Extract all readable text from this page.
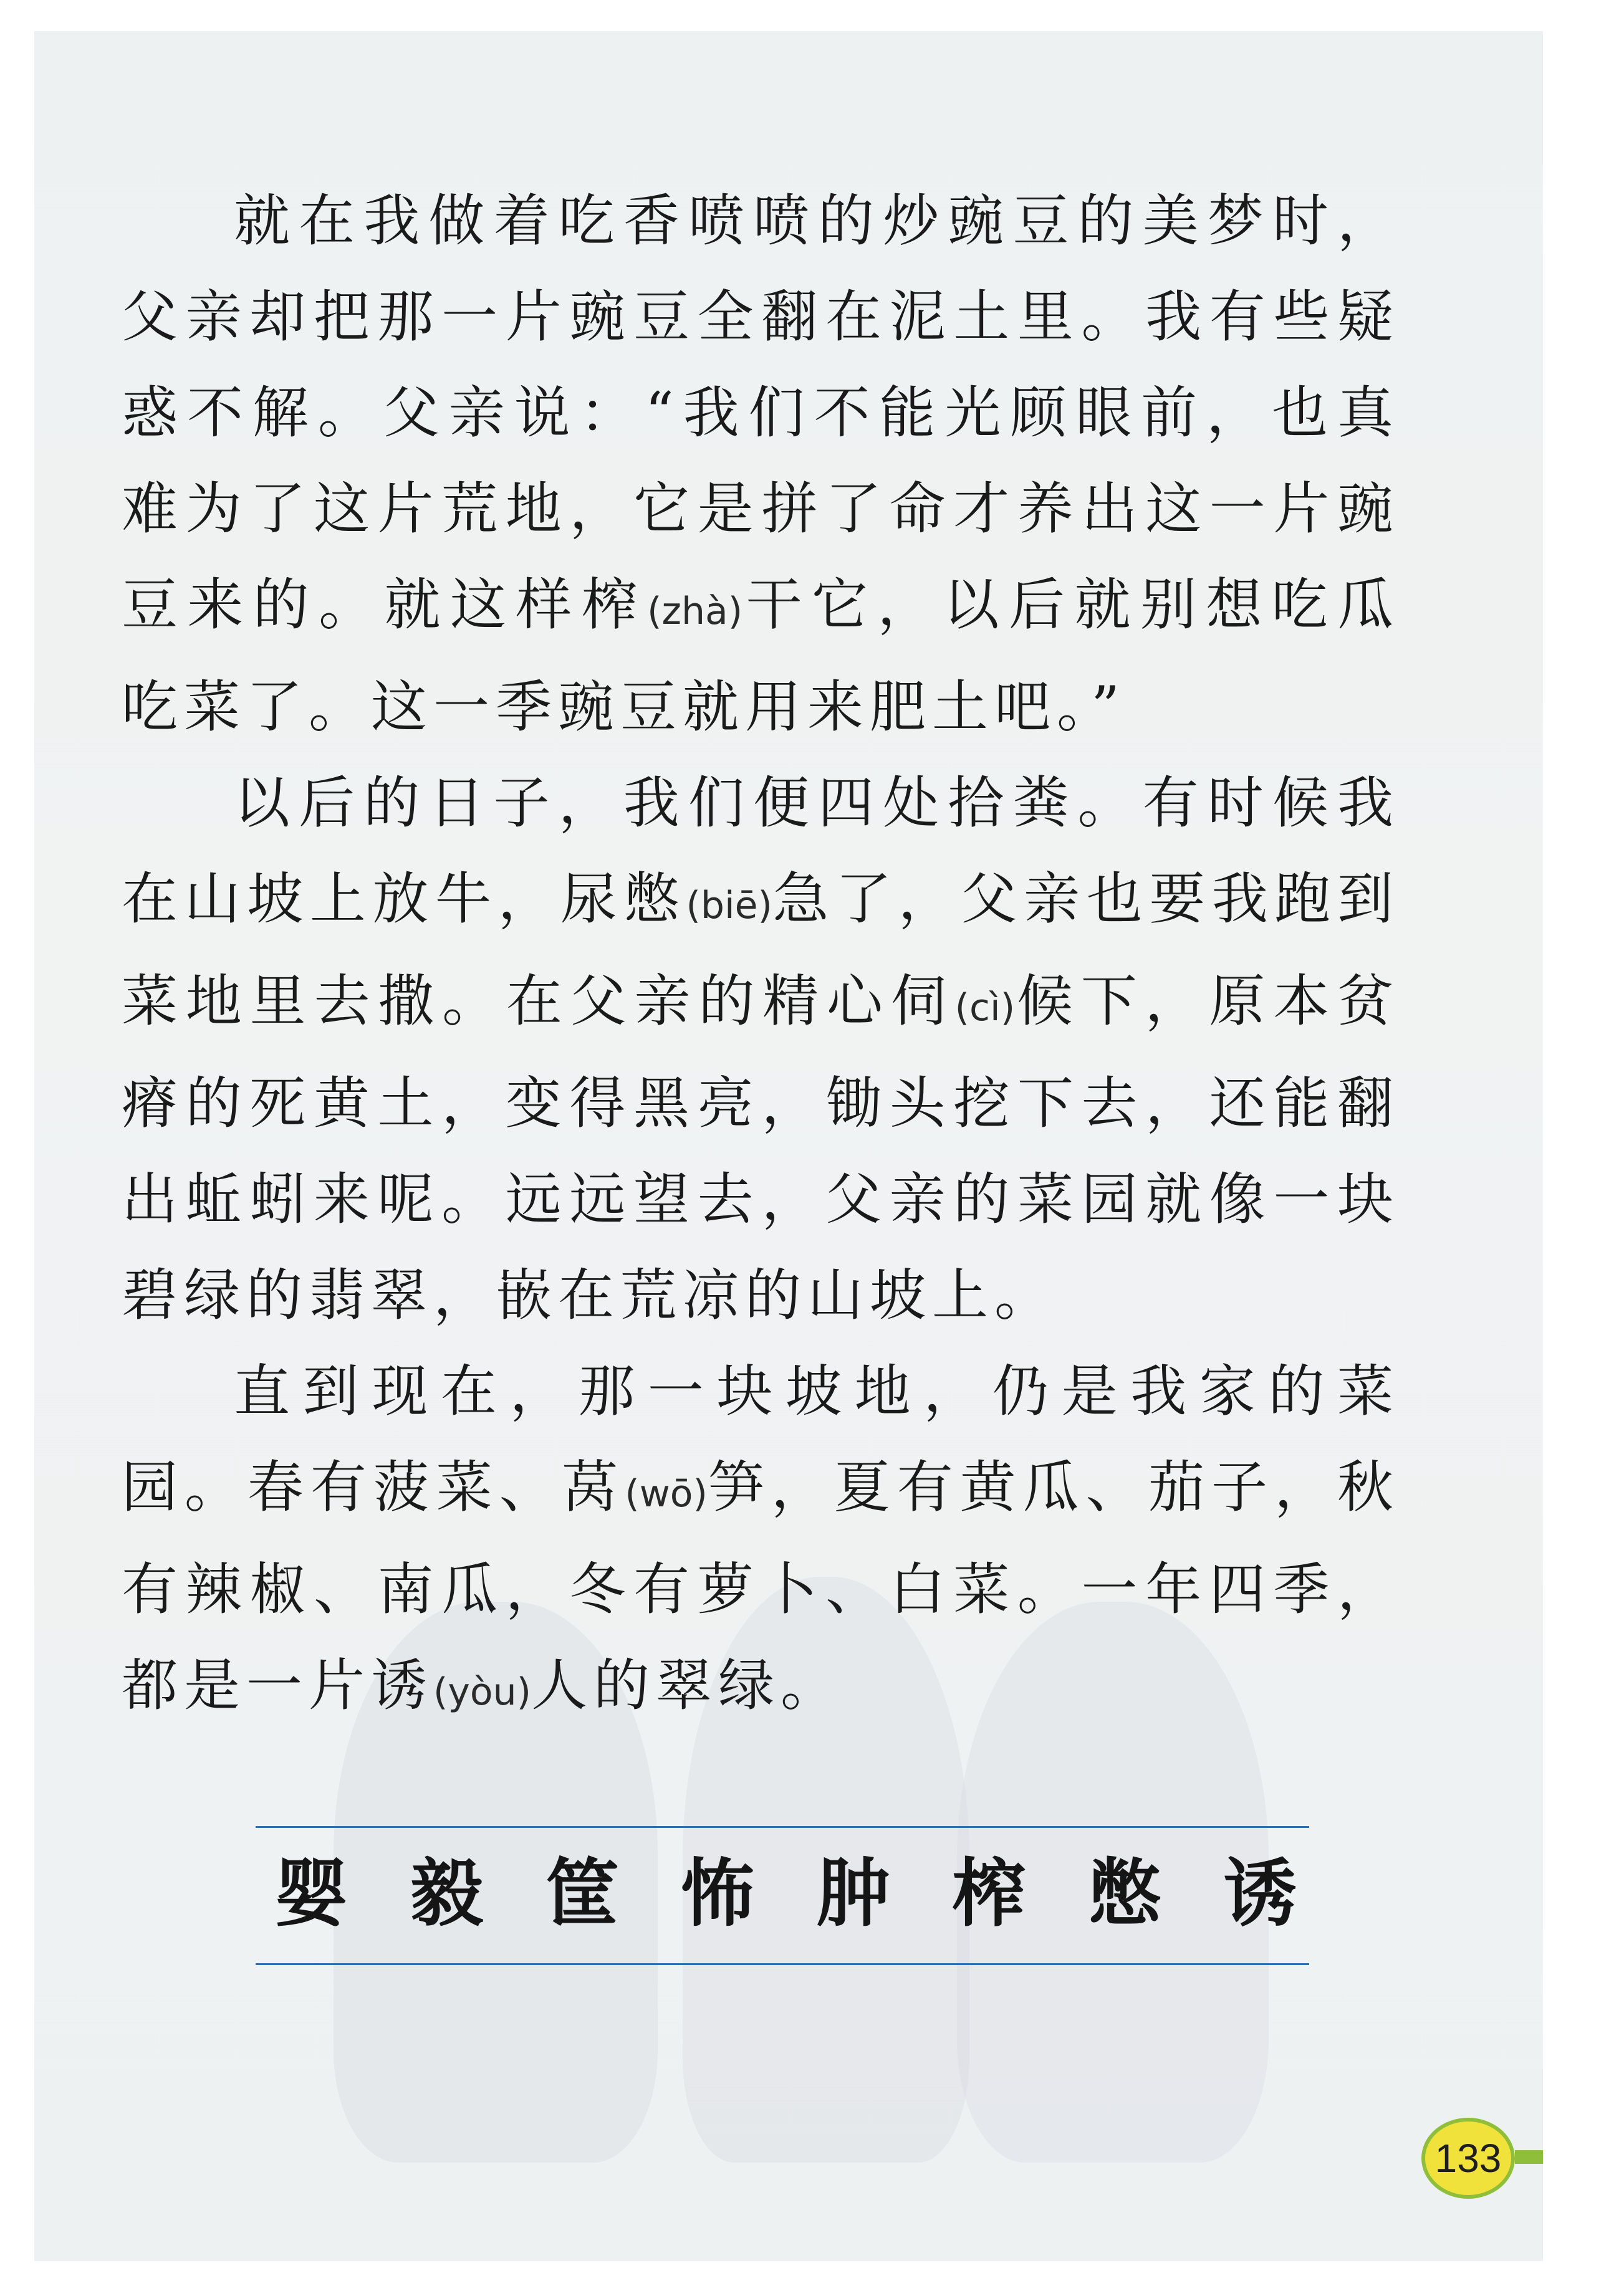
就在我做着吃香喷喷的炒豌豆的美梦时，父亲却把那一片豌豆全翻在泥土里。我有些疑惑不解。父亲说：“我们不能光顾眼前，也真难为了这片荒地，它是拼了命才养出这一片豌豆来的。就这样榨(zhà)干它，以后就别想吃瓜吃菜了。这一季豌豆就用来肥土吧。”

以后的日子，我们便四处拾粪。有时候我在山坡上放牛，尿憋(biē)急了，父亲也要我跑到菜地里去撒。在父亲的精心伺(cì)候下，原本贫瘠的死黄土，变得黑亮，锄头挖下去，还能翻出蚯蚓来呢。远远望去，父亲的菜园就像一块碧绿的翡翠，嵌在荒凉的山坡上。

直到现在，那一块坡地，仍是我家的菜园。春有菠菜、莴(wō)笋，夏有黄瓜、茄子，秋有辣椒、南瓜，冬有萝卜、白菜。一年四季，都是一片诱(yòu)人的翠绿。

婴 毅 筐 怖 肿 榨 憋 诱
133
